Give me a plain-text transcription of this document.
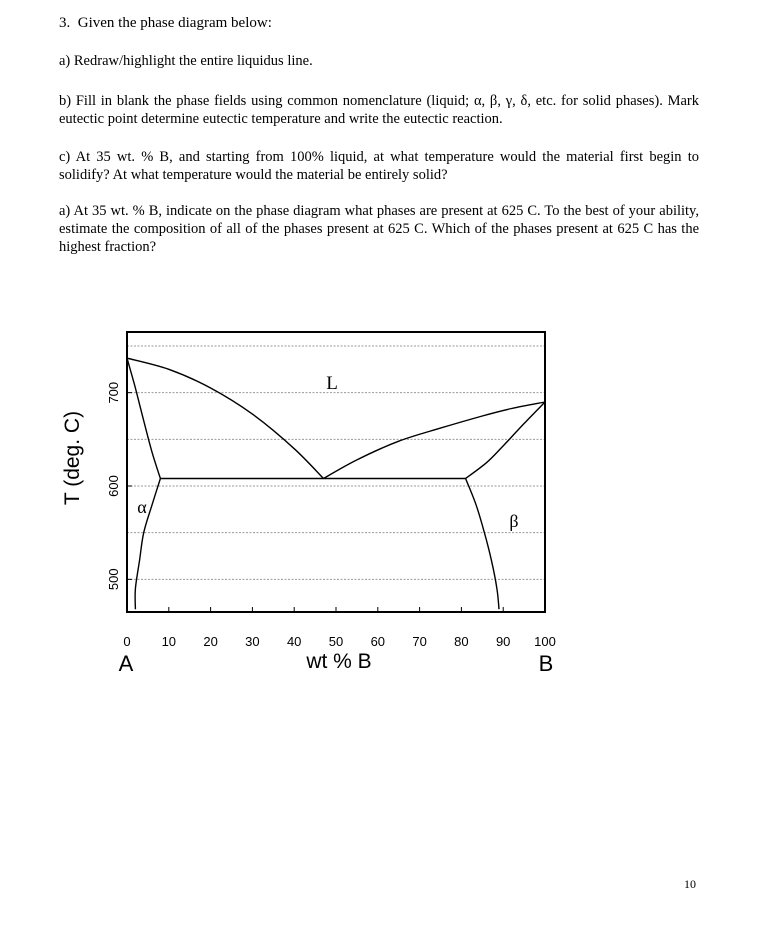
3.  Given the phase diagram below:

a) Redraw/highlight the entire liquidus line.

b) Fill in blank the phase fields using common nomenclature (liquid; α, β, γ, δ, etc. for solid phases). Mark eutectic point determine eutectic temperature and write the eutectic reaction.

c) At 35 wt. % B, and starting from 100% liquid, at what temperature would the material first begin to solidify? At what temperature would the material be entirely solid?

a) At 35 wt. % B, indicate on the phase diagram what phases are present at 625 C. To the best of your ability, estimate the composition of all of the phases present at 625 C. Which of the phases present at 625 C has the highest fraction?

0 10 20 30 40 50 60 70 80 90 100
500
600
700
T (deg. C)
wt % B
A	B
L
α
β
10
